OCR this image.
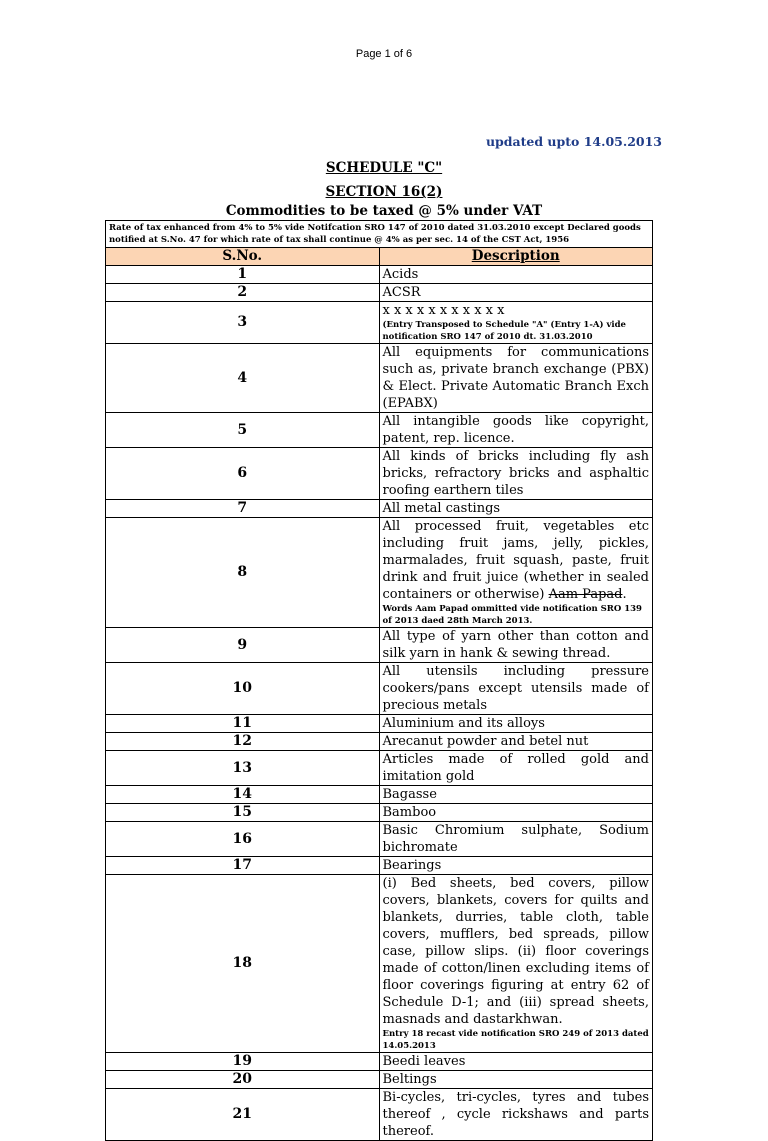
Page 1 of 6
updated upto 14.05.2013
SCHEDULE "C"
SECTION 16(2)
Commodities to be taxed @ 5% under VAT
Rate of tax enhanced from 4% to 5% vide Notifcation SRO 147 of 2010 dated 31.03.2010 except Declared goods notified at S.No. 47 for which rate of tax shall continue @ 4% as per sec. 14 of the CST Act, 1956	
S.No.	Description
1	Acids
2	ACSR
3	x x x x x x x x x x x
(Entry Transposed to Schedule "A" (Entry 1-A) vide notification SRO 147 of 2010 dt. 31.03.2010

4	All equipments for communications such as, private branch exchange (PBX) & Elect. Private Automatic Branch Exch (EPABX)
5	All intangible goods like copyright, patent, rep. licence.
6	All kinds of bricks including fly ash bricks, refractory bricks and asphaltic roofing earthern tiles
7	All metal castings
8	All processed fruit, vegetables etc including fruit jams, jelly, pickles, marmalades, fruit squash, paste, fruit drink and fruit juice (whether in sealed containers or otherwise) Aam Papad.
Words Aam Papad ommitted vide notification SRO 139 of 2013 daed 28th March 2013.

9	All type of yarn other than cotton and silk yarn in hank & sewing thread.
10	All utensils including pressure cookers/pans except utensils made of precious metals
11	Aluminium and its alloys
12	Arecanut powder and betel nut
13	Articles made of rolled gold and imitation gold
14	Bagasse
15	Bamboo
16	Basic Chromium sulphate, Sodium bichromate
17	Bearings
18	(i) Bed sheets, bed covers, pillow covers, blankets, covers for quilts and blankets, durries, table cloth, table covers, mufflers, bed spreads, pillow case, pillow slips. (ii) floor coverings made of cotton/linen excluding items of floor coverings figuring at entry 62 of Schedule D-1; and (iii) spread sheets, masnads and dastarkhwan.
Entry 18 recast vide notification SRO 249 of 2013 dated 14.05.2013

19	Beedi leaves
20	Beltings
21	Bi-cycles, tri-cycles, tyres and tubes thereof , cycle rickshaws and parts thereof.
